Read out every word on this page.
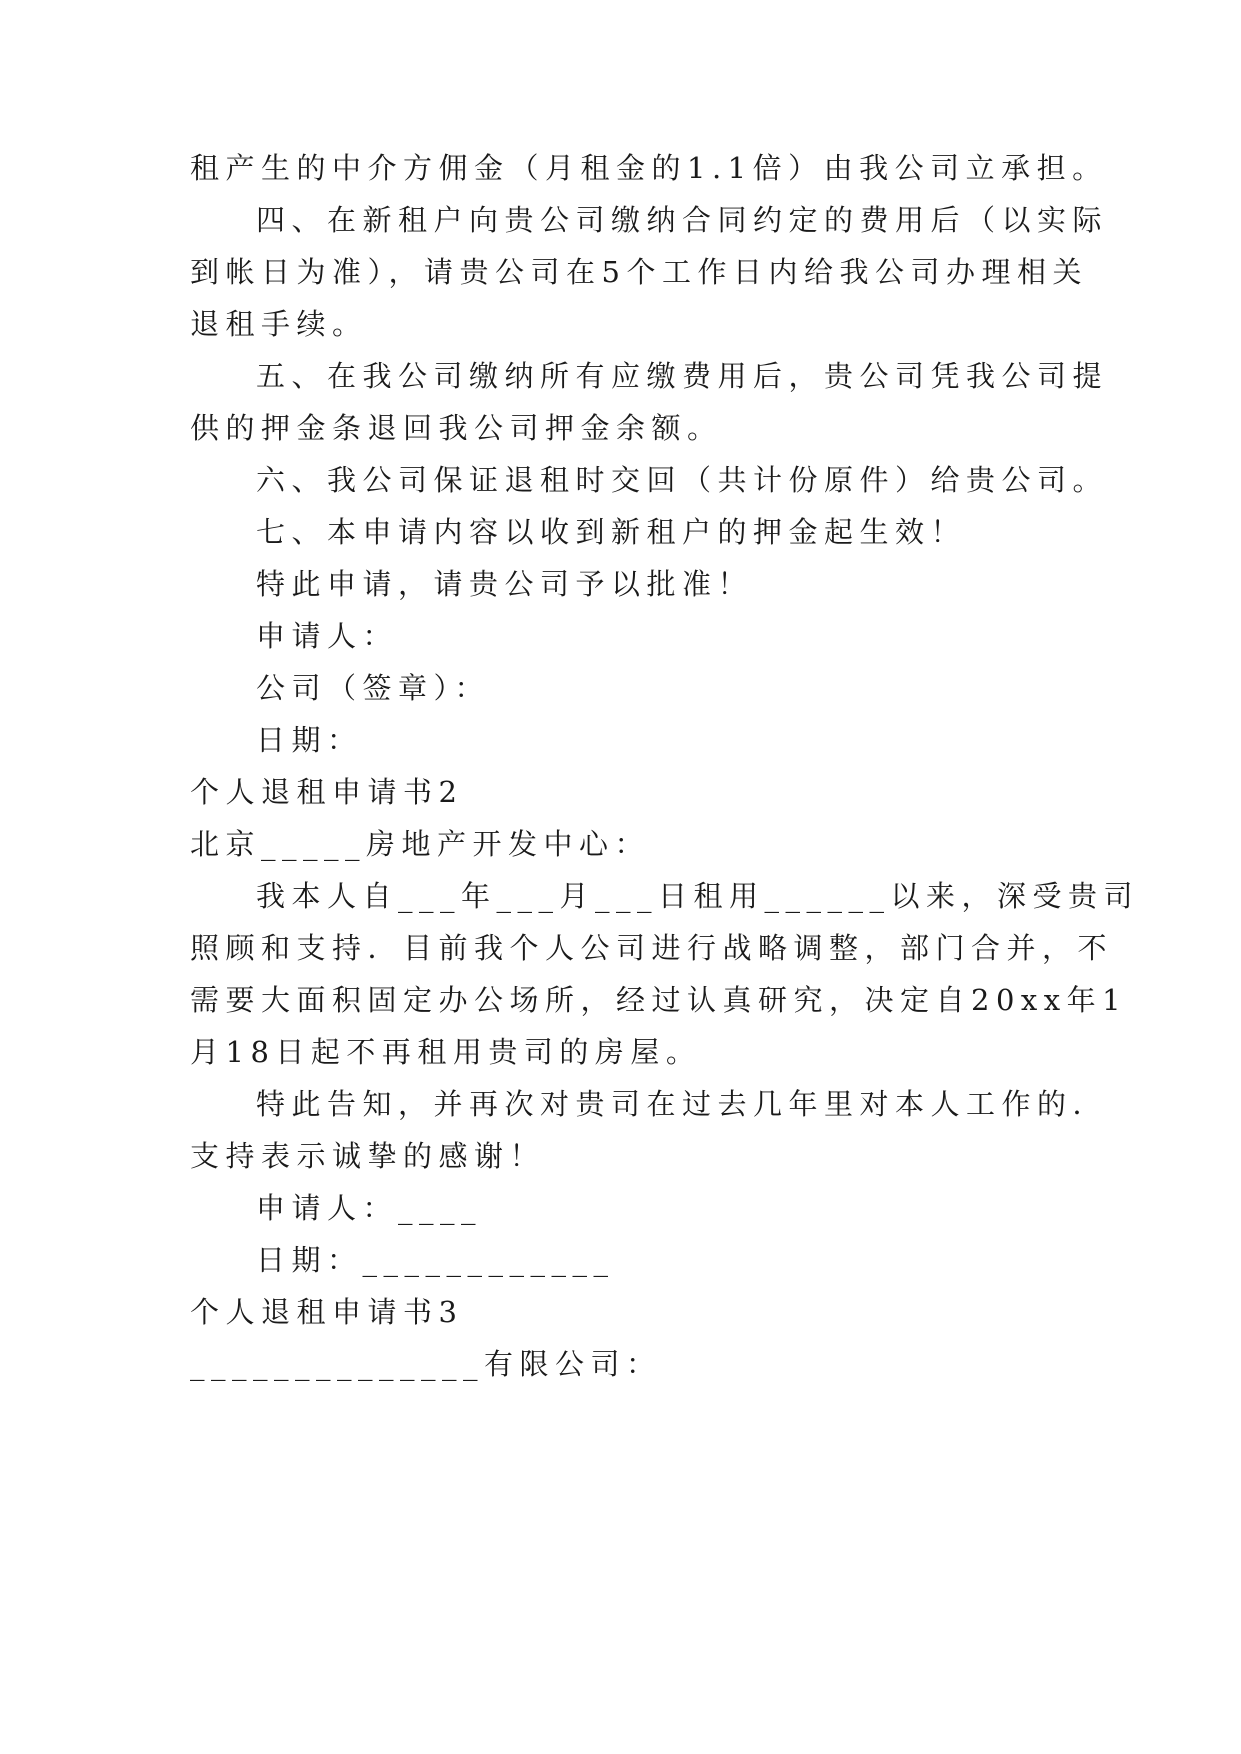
租产生的中介方佣金（月租金的1.1倍）由我公司立承担。
四、在新租户向贵公司缴纳合同约定的费用后（以实际
到帐日为准），请贵公司在5个工作日内给我公司办理相关
退租手续。
五、在我公司缴纳所有应缴费用后，贵公司凭我公司提
供的押金条退回我公司押金余额。
六、我公司保证退租时交回（共计份原件）给贵公司。
七、本申请内容以收到新租户的押金起生效！
特此申请，请贵公司予以批准！
申请人：
公司（签章）：
日期：
个人退租申请书2
北京_____房地产开发中心：
我本人自___年___月___日租用______以来，深受贵司
照顾和支持．目前我个人公司进行战略调整，部门合并，不
需要大面积固定办公场所，经过认真研究，决定自20xx年1
月18日起不再租用贵司的房屋。
特此告知，并再次对贵司在过去几年里对本人工作的．
支持表示诚挚的感谢！
申请人：____
日期：____________
个人退租申请书3
______________有限公司：
